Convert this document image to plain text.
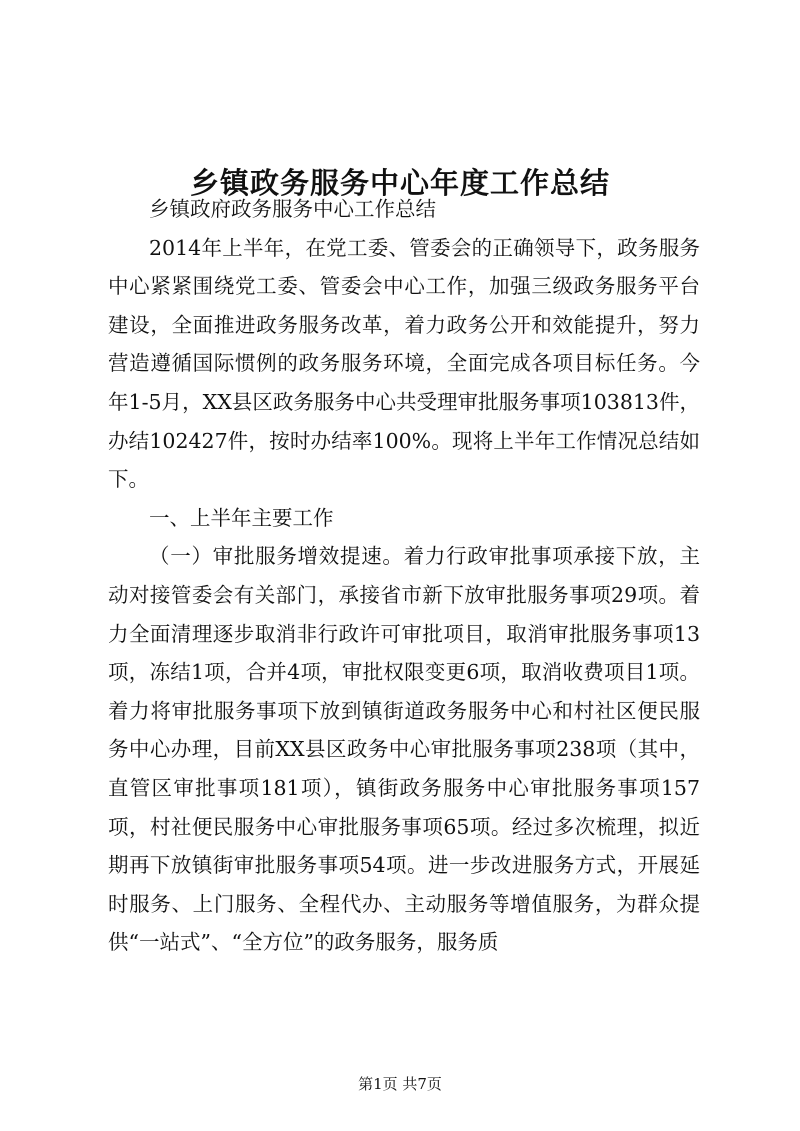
乡镇政务服务中心年度工作总结

乡镇政府政务服务中心工作总结

2014年上半年，在党工委、管委会的正确领导下，政务服务中心紧紧围绕党工委、管委会中心工作，加强三级政务服务平台建设，全面推进政务服务改革，着力政务公开和效能提升，努力营造遵循国际惯例的政务服务环境，全面完成各项目标任务。今年1-5月，XX县区政务服务中心共受理审批服务事项103813件，办结102427件，按时办结率100%。现将上半年工作情况总结如下。

一、上半年主要工作

（一）审批服务增效提速。着力行政审批事项承接下放，主动对接管委会有关部门，承接省市新下放审批服务事项29项。着力全面清理逐步取消非行政许可审批项目，取消审批服务事项13项，冻结1项，合并4项，审批权限变更6项，取消收费项目1项。着力将审批服务事项下放到镇街道政务服务中心和村社区便民服务中心办理，目前XX县区政务中心审批服务事项238项（其中，直管区审批事项181项），镇街政务服务中心审批服务事项157项，村社便民服务中心审批服务事项65项。经过多次梳理，拟近期再下放镇街审批服务事项54项。进一步改进服务方式，开展延时服务、上门服务、全程代办、主动服务等增值服务，为群众提供“一站式”、“全方位”的政务服务，服务质

第1页 共7页
